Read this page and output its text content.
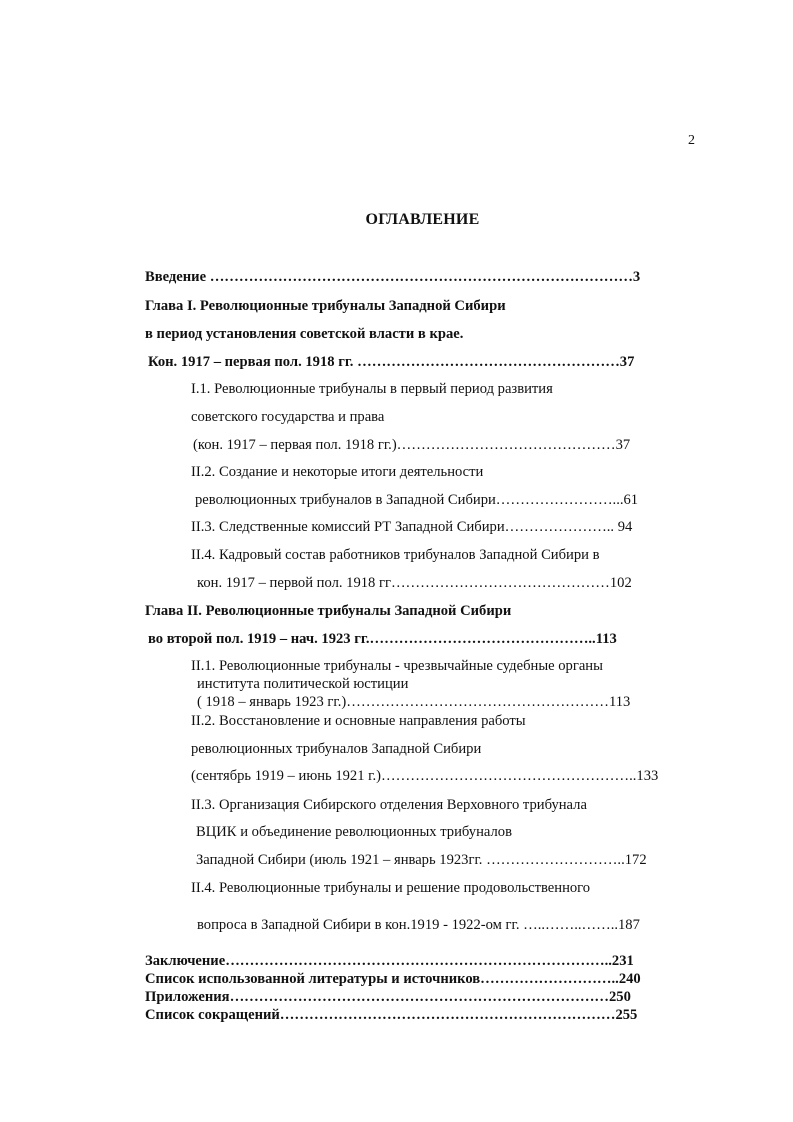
2
ОГЛАВЛЕНИЕ
Введение ……………………………………………………………………………3
Глава I. Революционные трибуналы Западной Сибири
в период установления советской власти в крае.
Кон. 1917 – первая пол. 1918 гг. ………………………………………………37
I.1. Революционные трибуналы в первый период развития
советского государства и права
(кон. 1917 – первая пол. 1918 гг.)………………………………………37
II.2. Создание и некоторые итоги деятельности
революционных трибуналов в Западной Сибири……………………...61
II.3. Следственные комиссий РТ Западной Сибири………………….. 94
II.4. Кадровый состав работников трибуналов Западной Сибири в
кон. 1917 – первой пол. 1918 гг………………………………………102
Глава II. Революционные трибуналы Западной Сибири
во второй пол. 1919 – нач. 1923 гг.………………………………………..113
II.1. Революционные трибуналы - чрезвычайные судебные органы
института политической юстиции
( 1918 – январь 1923 гг.)………………………………………………113
II.2. Восстановление и основные направления работы
революционных трибуналов Западной Сибири
(сентябрь 1919 – июнь 1921 г.)……………………………………………..133
II.3. Организация Сибирского отделения Верховного трибунала
ВЦИК и объединение революционных трибуналов
Западной Сибири (июль 1921 – январь 1923гг. ………………………..172
II.4. Революционные трибуналы и решение продовольственного
вопроса в Западной Сибири в кон.1919 - 1922-ом гг. …..……..……..187
Заключение……………………………………………………………………..231
Список использованной литературы и источников………………………..240
Приложения……………………………………………………………………250
Список сокращений……………………………………………………………255
